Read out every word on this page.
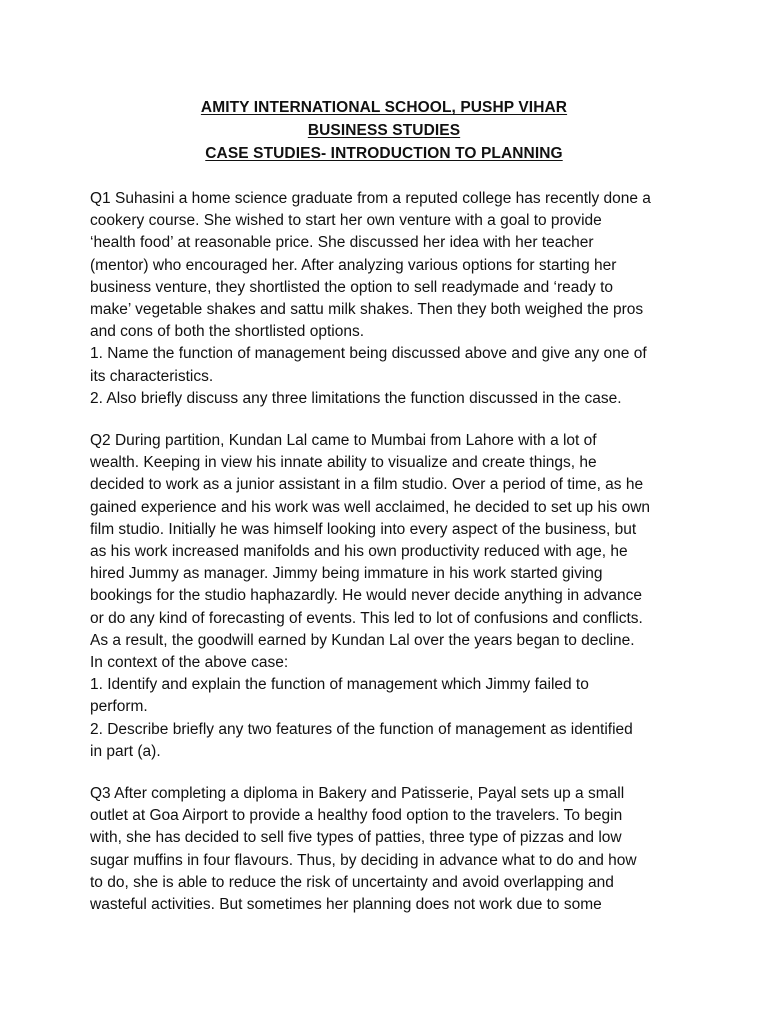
AMITY INTERNATIONAL SCHOOL, PUSHP VIHAR
BUSINESS STUDIES
CASE STUDIES- INTRODUCTION TO PLANNING
Q1 Suhasini a home science graduate from a reputed college has recently done a
cookery course. She wished to start her own venture with a goal to provide
‘health food’ at reasonable price. She discussed her idea with her teacher
(mentor) who encouraged her. After analyzing various options for starting her
business venture, they shortlisted the option to sell readymade and ‘ready to
make’ vegetable shakes and sattu milk shakes. Then they both weighed the pros
and cons of both the shortlisted options.
1. Name the function of management being discussed above and give any one of
its characteristics.
2. Also briefly discuss any three limitations the function discussed in the case.
Q2 During partition, Kundan Lal came to Mumbai from Lahore with a lot of
wealth. Keeping in view his innate ability to visualize and create things, he
decided to work as a junior assistant in a film studio. Over a period of time, as he
gained experience and his work was well acclaimed, he decided to set up his own
film studio. Initially he was himself looking into every aspect of the business, but
as his work increased manifolds and his own productivity reduced with age, he
hired Jummy as manager. Jimmy being immature in his work started giving
bookings for the studio haphazardly. He would never decide anything in advance
or do any kind of forecasting of events. This led to lot of confusions and conflicts.
As a result, the goodwill earned by Kundan Lal over the years began to decline.
In context of the above case:
1. Identify and explain the function of management which Jimmy failed to
perform.
2. Describe briefly any two features of the function of management as identified
in part (a).
Q3 After completing a diploma in Bakery and Patisserie, Payal sets up a small
outlet at Goa Airport to provide a healthy food option to the travelers. To begin
with, she has decided to sell five types of patties, three type of pizzas and low
sugar muffins in four flavours. Thus, by deciding in advance what to do and how
to do, she is able to reduce the risk of uncertainty and avoid overlapping and
wasteful activities. But sometimes her planning does not work due to some
